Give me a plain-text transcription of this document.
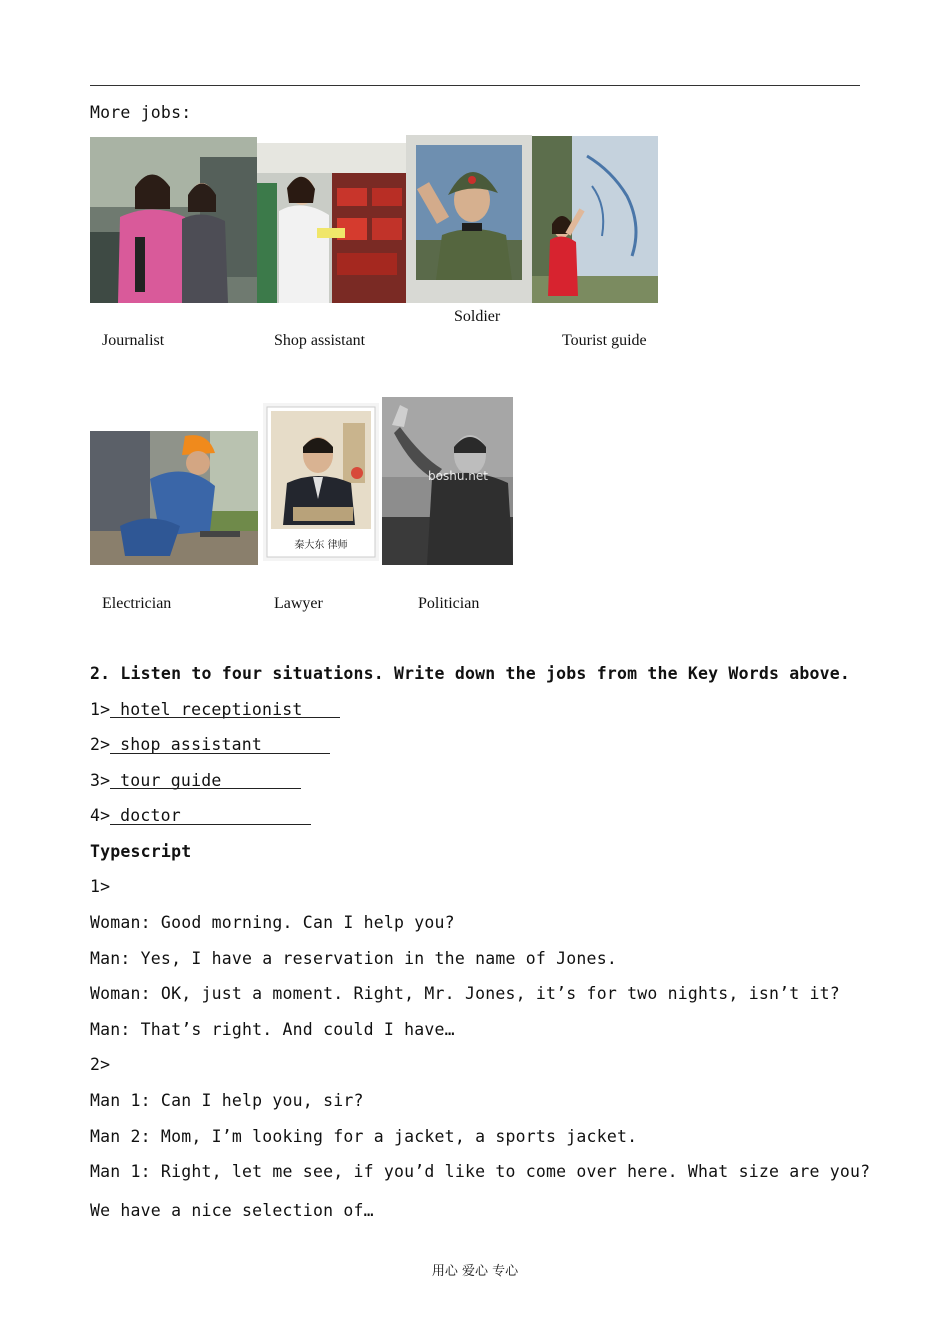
More jobs:
Soldier
Journalist	Shop assistant	Tourist guide
秦大东 律师
boshu.net
Electrician	Lawyer	Politician
2. Listen to four situations. Write down the jobs from the Key Words above.
1> hotel receptionist
2> shop assistant
3> tour guide
4> doctor
Typescript
1>
Woman: Good morning. Can I help you?
Man: Yes, I have a reservation in the name of Jones.
Woman: OK, just a moment. Right, Mr. Jones, it’s for two nights, isn’t it?
Man: That’s right. And could I have…
2>
Man 1: Can I help you, sir?
Man 2: Mom, I’m looking for a jacket, a sports jacket.
Man 1: Right, let me see, if you’d like to come over here. What size are you?
We have a nice selection of…
用心 爱心 专心
